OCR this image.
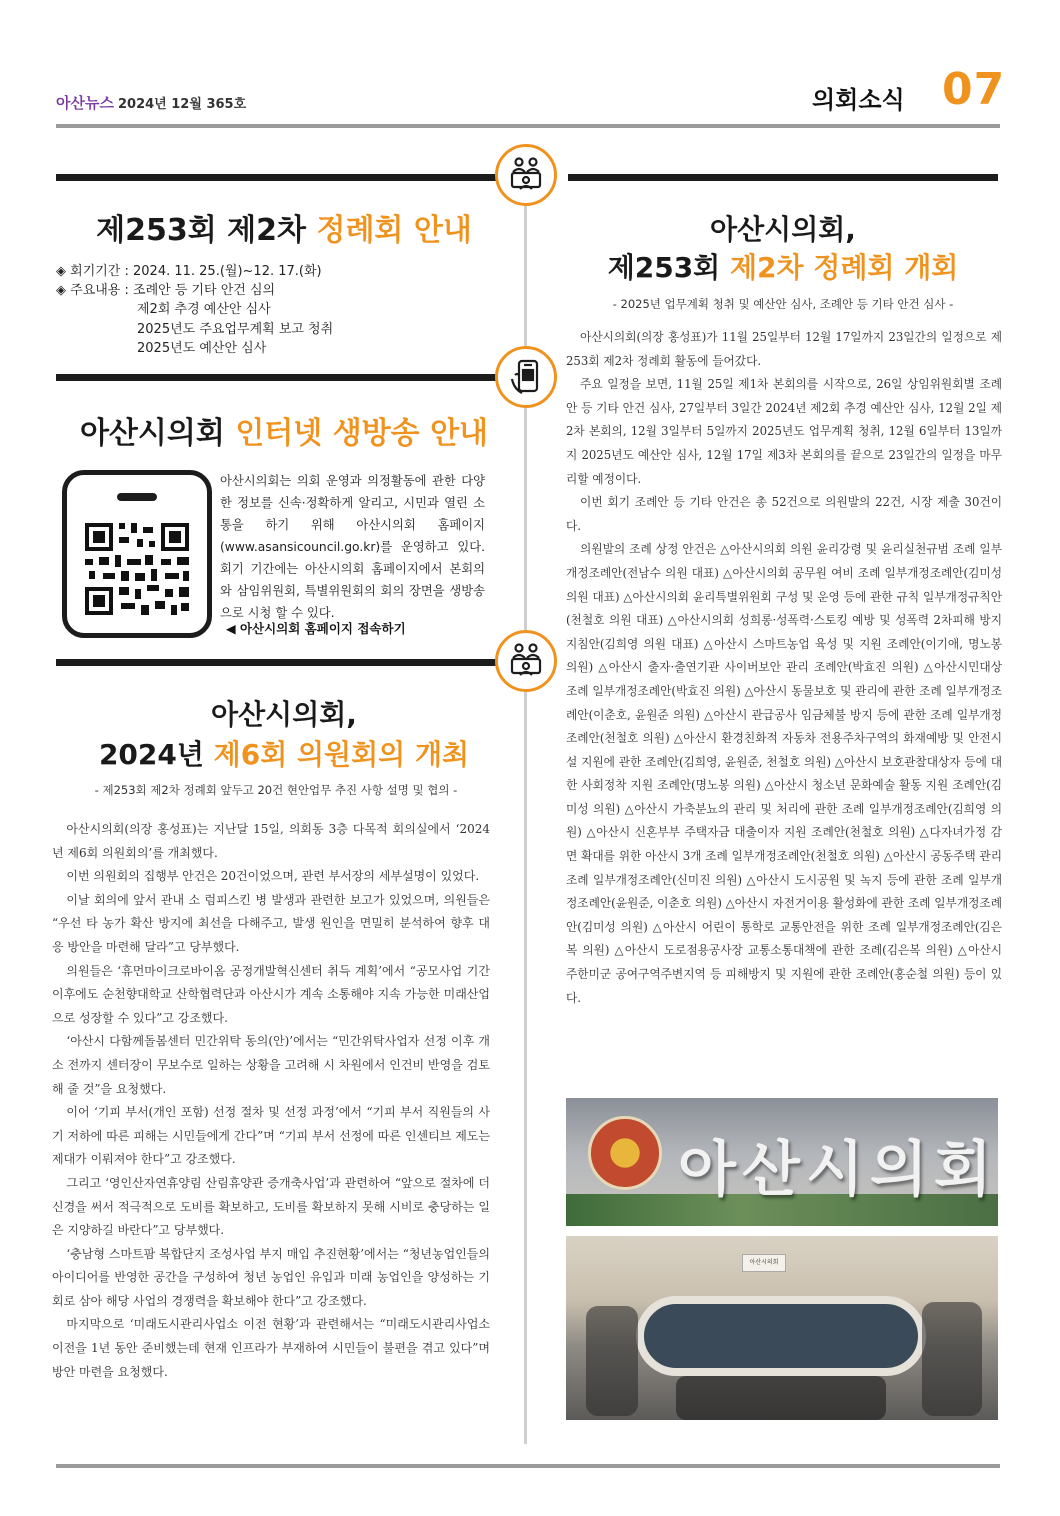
아산뉴스 2024년 12월 365호	의회소식 07
제253회 제2차 정례회 안내
◈ 회기기간 : 2024. 11. 25.(월)~12. 17.(화)
◈ 주요내용 : 조례안 등 기타 안건 심의
제2회 추경 예산안 심사
2025년도 주요업무계획 보고 청취
2025년도 예산안 심사
아산시의회 인터넷 생방송 안내
아산시의회는 의회 운영과 의정활동에 관한 다양한 정보를 신속·정확하게 알리고, 시민과 열린 소통을 하기 위해 아산시의회 홈페이지(www.asansicouncil.go.kr)를 운영하고 있다. 회기 기간에는 아산시의회 홈페이지에서 본회의와 삼임위원회, 특별위원회의 회의 장면을 생방송으로 시청 할 수 있다.
◀ 아산시의회 홈페이지 접속하기
아산시의회,
2024년 제6회 의원회의 개최
- 제253회 제2차 정례회 앞두고 20건 현안업무 추진 사항 설명 및 협의 -

아산시의회(의장 홍성표)는 지난달 15일, 의회동 3층 다목적 회의실에서 ‘2024년 제6회 의원회의’를 개최했다.

이번 의원회의 집행부 안건은 20건이었으며, 관련 부서장의 세부설명이 있었다.

이날 회의에 앞서 관내 소 럼피스킨 병 발생과 관련한 보고가 있었으며, 의원들은 “우선 타 농가 확산 방지에 최선을 다해주고, 발생 원인을 면밀히 분석하여 향후 대응 방안을 마련해 달라”고 당부했다.

의원들은 ‘휴먼마이크로바이옴 공정개발혁신센터 취득 계획’에서 “공모사업 기간 이후에도 순천향대학교 산학협력단과 아산시가 계속 소통해야 지속 가능한 미래산업으로 성장할 수 있다”고 강조했다.

‘아산시 다함께돌봄센터 민간위탁 동의(안)’에서는 “민간위탁사업자 선정 이후 개소 전까지 센터장이 무보수로 일하는 상황을 고려해 시 차원에서 인건비 반영을 검토해 줄 것”을 요청했다.

이어 ‘기피 부서(개인 포함) 선정 절차 및 선정 과정’에서 “기피 부서 직원들의 사기 저하에 따른 피해는 시민들에게 간다”며 “기피 부서 선정에 따른 인센티브 제도는 제대가 이뤄져야 한다”고 강조했다.

그리고 ‘영인산자연휴양림 산림휴양관 증개축사업’과 관련하여 “앞으로 절차에 더 신경을 써서 적극적으로 도비를 확보하고, 도비를 확보하지 못해 시비로 충당하는 일은 지양하길 바란다”고 당부했다.

‘충남형 스마트팜 복합단지 조성사업 부지 매입 추진현황’에서는 “청년농업인들의 아이디어를 반영한 공간을 구성하여 청년 농업인 유입과 미래 농업인을 양성하는 기회로 삼아 해당 사업의 경쟁력을 확보해야 한다”고 강조했다.

마지막으로 ‘미래도시관리사업소 이전 현황’과 관련해서는 “미래도시관리사업소 이전을 1년 동안 준비했는데 현재 인프라가 부재하여 시민들이 불편을 겪고 있다”며 방안 마련을 요청했다.

아산시의회,
제253회 제2차 정례회 개회
- 2025년 업무계획 청취 및 예산안 심사, 조례안 등 기타 안건 심사 -

아산시의회(의장 홍성표)가 11월 25일부터 12월 17일까지 23일간의 일정으로 제253회 제2차 정례회 활동에 들어갔다.

주요 일정을 보면, 11월 25일 제1차 본회의를 시작으로, 26일 상임위원회별 조례안 등 기타 안건 심사, 27일부터 3일간 2024년 제2회 추경 예산안 심사, 12월 2일 제2차 본회의, 12월 3일부터 5일까지 2025년도 업무계획 청취, 12월 6일부터 13일까지 2025년도 예산안 심사, 12월 17일 제3차 본회의를 끝으로 23일간의 일정을 마무리할 예정이다.

이번 회기 조례안 등 기타 안건은 총 52건으로 의원발의 22건, 시장 제출 30건이다.

의원발의 조례 상정 안건은 △아산시의회 의원 윤리강령 및 윤리실천규범 조례 일부개정조례안(전남수 의원 대표) △아산시의회 공무원 여비 조례 일부개정조례안(김미성 의원 대표) △아산시의회 윤리특별위원회 구성 및 운영 등에 관한 규칙 일부개정규칙안(천철호 의원 대표) △아산시의회 성희롱·성폭력·스토킹 예방 및 성폭력 2차피해 방지 지침안(김희영 의원 대표) △아산시 스마트농업 육성 및 지원 조례안(이기애, 명노봉 의원) △아산시 출자·출연기관 사이버보안 관리 조례안(박효진 의원) △아산시민대상 조례 일부개정조례안(박효진 의원) △아산시 동물보호 및 관리에 관한 조례 일부개정조례안(이춘호, 윤원준 의원) △아산시 관급공사 임금체불 방지 등에 관한 조례 일부개정조례안(천철호 의원) △아산시 환경친화적 자동차 전용주차구역의 화재예방 및 안전시설 지원에 관한 조례안(김희영, 윤원준, 천철호 의원) △아산시 보호관찰대상자 등에 대한 사회정착 지원 조례안(명노봉 의원) △아산시 청소년 문화예술 활동 지원 조례안(김미성 의원) △아산시 가축분뇨의 관리 및 처리에 관한 조례 일부개정조례안(김희영 의원) △아산시 신혼부부 주택자금 대출이자 지원 조례안(천철호 의원) △다자녀가정 감면 확대를 위한 아산시 3개 조례 일부개정조례안(천철호 의원) △아산시 공동주택 관리 조례 일부개정조례안(신미진 의원) △아산시 도시공원 및 녹지 등에 관한 조례 일부개정조례안(윤원준, 이춘호 의원) △아산시 자전거이용 활성화에 관한 조례 일부개정조례안(김미성 의원) △아산시 어린이 통학로 교통안전을 위한 조례 일부개정조례안(김은복 의원) △아산시 도로점용공사장 교통소통대책에 관한 조례(김은복 의원) △아산시 주한미군 공여구역주변지역 등 피해방지 및 지원에 관한 조례안(홍순철 의원) 등이 있다.

아산시의회
아산시의회
